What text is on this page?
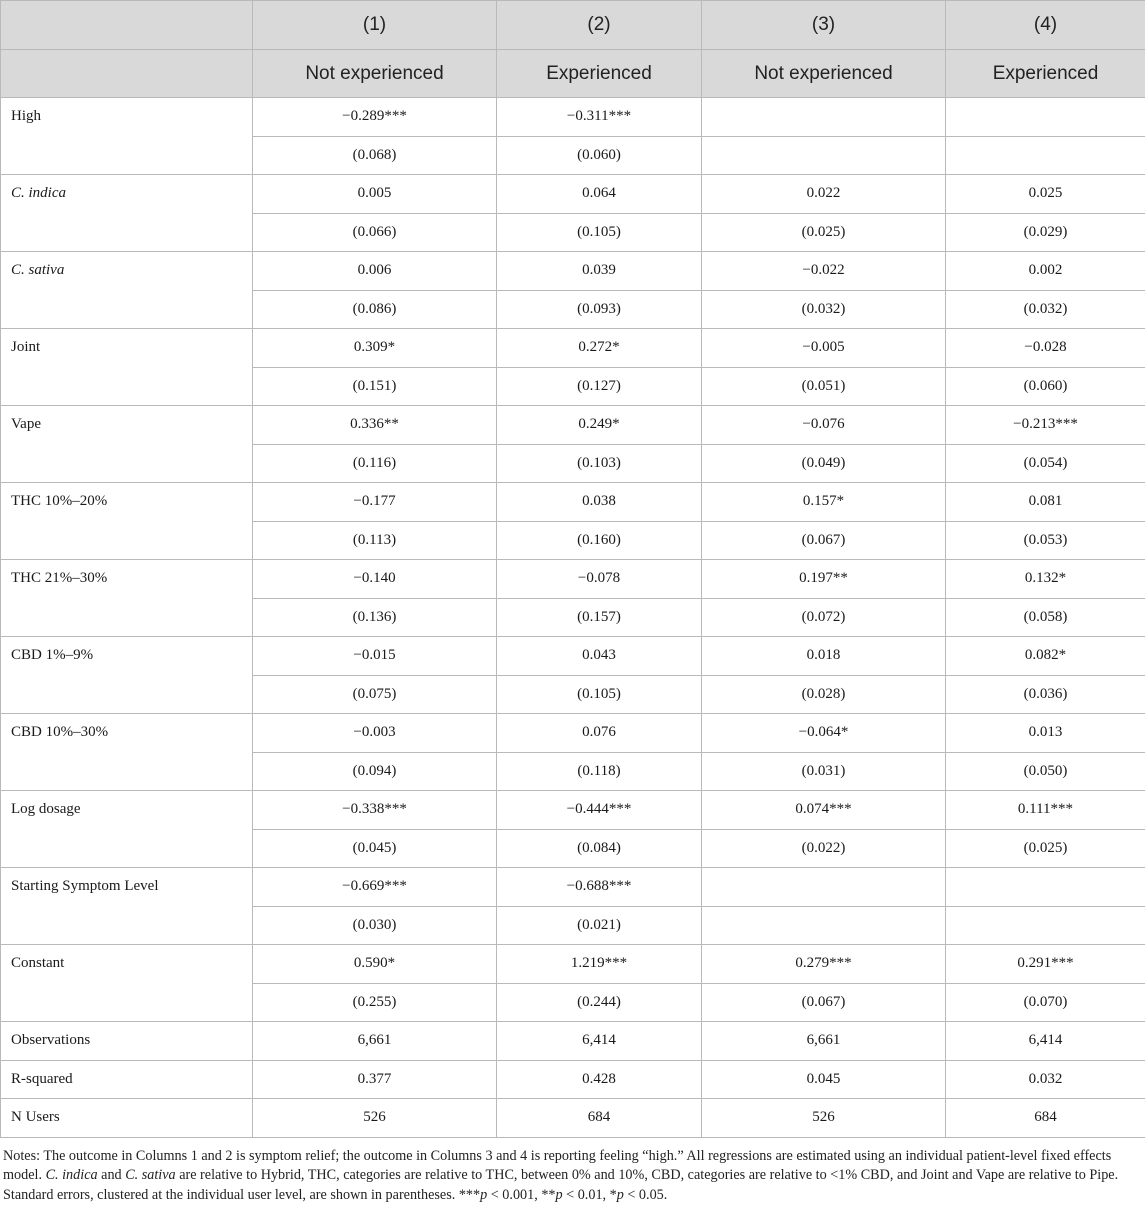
	(1)	(2)	(3)	(4)
	Not experienced	Experienced	Not experienced	Experienced
High	−0.289***	−0.311***		
	(0.068)	(0.060)		
C. indica	0.005	0.064	0.022	0.025
	(0.066)	(0.105)	(0.025)	(0.029)
C. sativa	0.006	0.039	−0.022	0.002
	(0.086)	(0.093)	(0.032)	(0.032)
Joint	0.309*	0.272*	−0.005	−0.028
	(0.151)	(0.127)	(0.051)	(0.060)
Vape	0.336**	0.249*	−0.076	−0.213***
	(0.116)	(0.103)	(0.049)	(0.054)
THC 10%–20%	−0.177	0.038	0.157*	0.081
	(0.113)	(0.160)	(0.067)	(0.053)
THC 21%–30%	−0.140	−0.078	0.197**	0.132*
	(0.136)	(0.157)	(0.072)	(0.058)
CBD 1%–9%	−0.015	0.043	0.018	0.082*
	(0.075)	(0.105)	(0.028)	(0.036)
CBD 10%–30%	−0.003	0.076	−0.064*	0.013
	(0.094)	(0.118)	(0.031)	(0.050)
Log dosage	−0.338***	−0.444***	0.074***	0.111***
	(0.045)	(0.084)	(0.022)	(0.025)
Starting Symptom Level	−0.669***	−0.688***		
	(0.030)	(0.021)		
Constant	0.590*	1.219***	0.279***	0.291***
	(0.255)	(0.244)	(0.067)	(0.070)
Observations	6,661	6,414	6,661	6,414
R-squared	0.377	0.428	0.045	0.032
N Users	526	684	526	684
Notes: The outcome in Columns 1 and 2 is symptom relief; the outcome in Columns 3 and 4 is reporting feeling “high.” All regressions are estimated using an individual patient-level fixed effects model. C. indica and C. sativa are relative to Hybrid, THC, categories are relative to THC, between 0% and 10%, CBD, categories are relative to <1% CBD, and Joint and Vape are relative to Pipe. Standard errors, clustered at the individual user level, are shown in parentheses. ***p < 0.001, **p < 0.01, *p < 0.05.
